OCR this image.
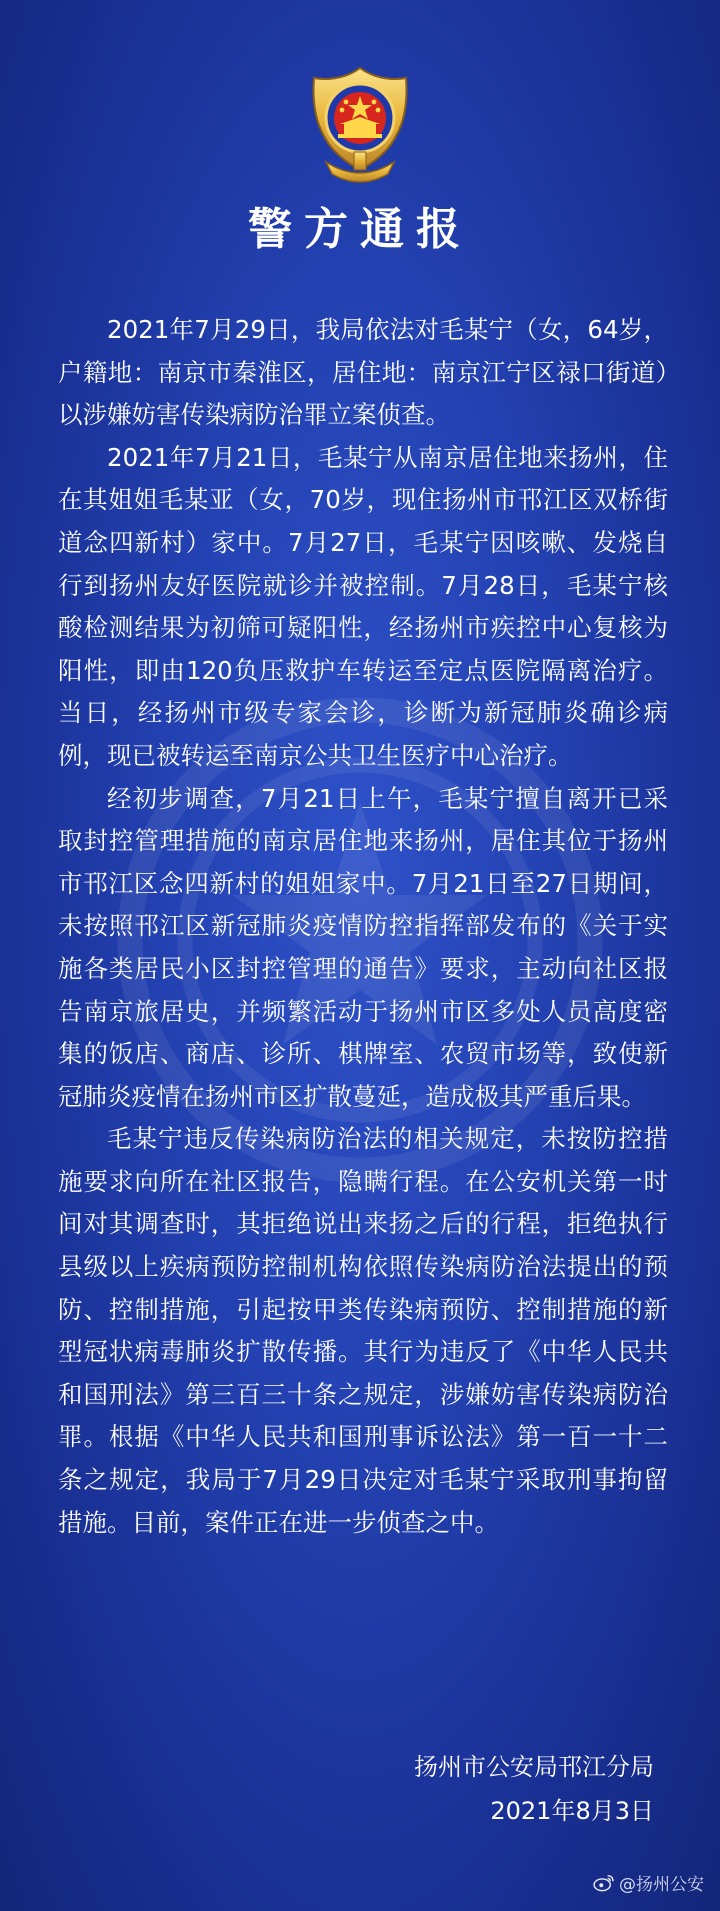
警方通报

2021年7月29日，我局依法对毛某宁（女，64岁，户籍地：南京市秦淮区，居住地：南京江宁区禄口街道）以涉嫌妨害传染病防治罪立案侦查。

2021年7月21日，毛某宁从南京居住地来扬州，住在其姐姐毛某亚（女，70岁，现住扬州市邗江区双桥街道念四新村）家中。7月27日，毛某宁因咳嗽、发烧自行到扬州友好医院就诊并被控制。7月28日，毛某宁核酸检测结果为初筛可疑阳性，经扬州市疾控中心复核为阳性，即由120负压救护车转运至定点医院隔离治疗。当日，经扬州市级专家会诊，诊断为新冠肺炎确诊病例，现已被转运至南京公共卫生医疗中心治疗。

经初步调查，7月21日上午，毛某宁擅自离开已采取封控管理措施的南京居住地来扬州，居住其位于扬州市邗江区念四新村的姐姐家中。7月21日至27日期间，未按照邗江区新冠肺炎疫情防控指挥部发布的《关于实施各类居民小区封控管理的通告》要求，主动向社区报告南京旅居史，并频繁活动于扬州市区多处人员高度密集的饭店、商店、诊所、棋牌室、农贸市场等，致使新冠肺炎疫情在扬州市区扩散蔓延，造成极其严重后果。

毛某宁违反传染病防治法的相关规定，未按防控措施要求向所在社区报告，隐瞒行程。在公安机关第一时间对其调查时，其拒绝说出来扬之后的行程，拒绝执行县级以上疾病预防控制机构依照传染病防治法提出的预防、控制措施，引起按甲类传染病预防、控制措施的新型冠状病毒肺炎扩散传播。其行为违反了《中华人民共和国刑法》第三百三十条之规定，涉嫌妨害传染病防治罪。根据《中华人民共和国刑事诉讼法》第一百一十二条之规定，我局于7月29日决定对毛某宁采取刑事拘留措施。目前，案件正在进一步侦查之中。

扬州市公安局邗江分局
2021年8月3日
@扬州公安
